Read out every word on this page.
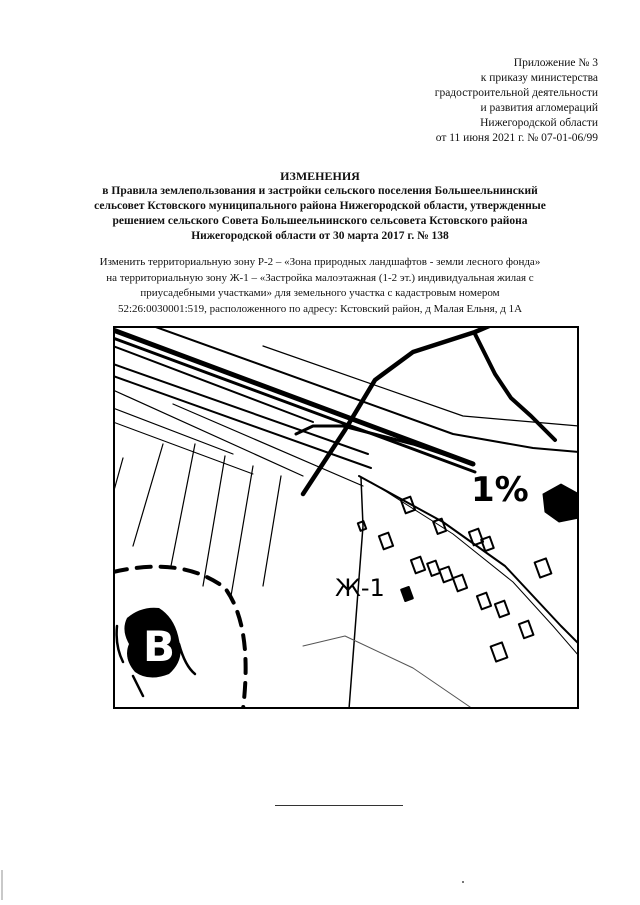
Приложение № 3
к приказу министерства
градостроительной деятельности
и развития агломераций
Нижегородской области
от 11 июня 2021 г. № 07-01-06/99
ИЗМЕНЕНИЯ
в Правила землепользования и застройки сельского поселения Большеельнинский
сельсовет Кстовского муниципального района Нижегородской области, утвержденные
решением сельского Совета Большеельнинского сельсовета Кстовского района
Нижегородской области от 30 марта 2017 г. № 138
Изменить территориальную зону Р-2 – «Зона природных ландшафтов - земли лесного фонда»
на территориальную зону Ж-1 – «Застройка малоэтажная (1-2 эт.) индивидуальная жилая с
приусадебными участками» для земельного участка с кадастровым номером
52:26:0030001:519, расположенного по адресу: Кстовский район, д Малая Ельня, д 1А
1%
Ж-1
B
